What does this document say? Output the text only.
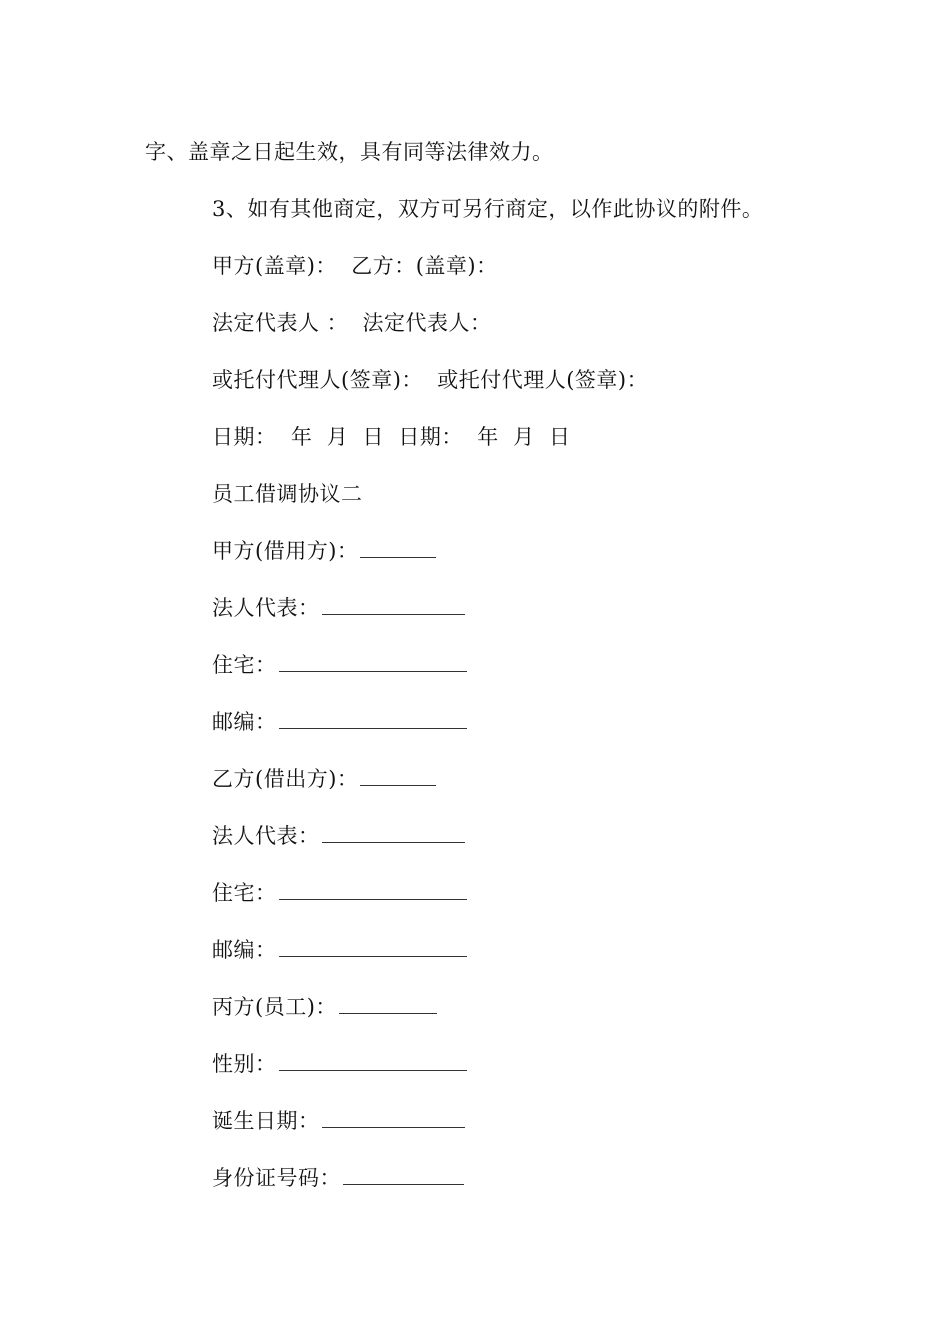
字、盖章之日起生效，具有同等法律效力。
3、如有其他商定，双方可另行商定，以作此协议的附件。
甲方(盖章)：  乙方：(盖章)：
法定代表人 ：  法定代表人：
或托付代理人(签章)：  或托付代理人(签章)：
日期：  年  月  日  日期：  年  月  日
员工借调协议二
甲方(借用方)：
法人代表：
住宅：
邮编：
乙方(借出方)：
法人代表：
住宅：
邮编：
丙方(员工)：
性别：
诞生日期：
身份证号码：
